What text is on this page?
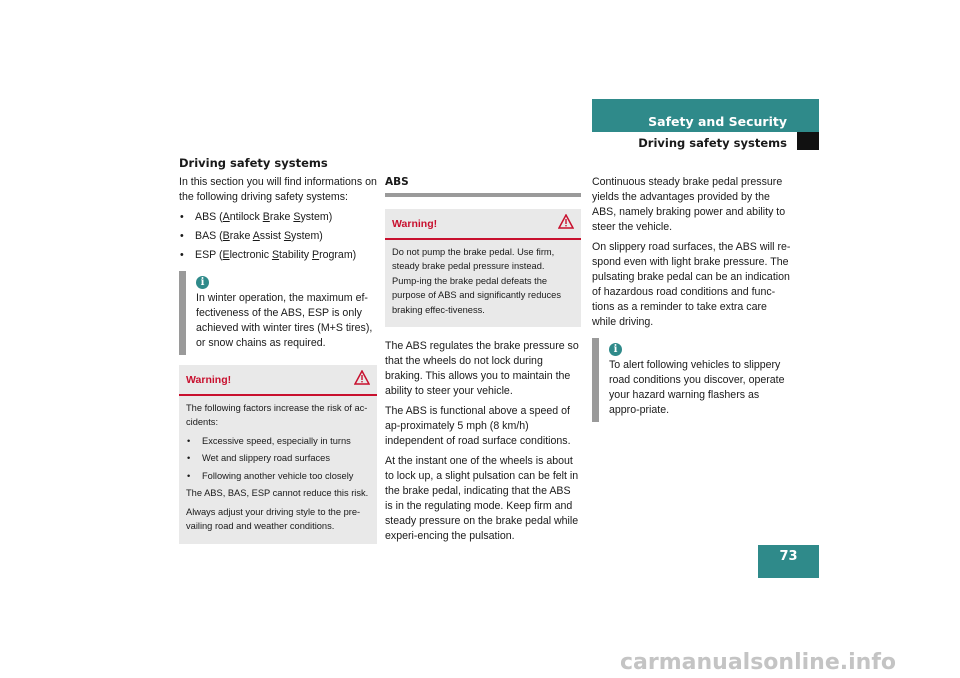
Safety and Security
Driving safety systems
Driving safety systems

In this section you will find informations on the following driving safety systems:

• ABS (Antilock Brake System)
• BAS (Brake Assist System)
• ESP (Electronic Stability Program)
i
In winter operation, the maximum ef-fectiveness of the ABS, ESP is only achieved with winter tires (M+S tires), or snow chains as required.
Warning!

The following factors increase the risk of ac-cidents:

• Excessive speed, especially in turns
• Wet and slippery road surfaces
• Following another vehicle too closely

The ABS, BAS, ESP cannot reduce this risk.

Always adjust your driving style to the pre-vailing road and weather conditions.

ABS
Warning!

Do not pump the brake pedal. Use firm, steady brake pedal pressure instead. Pump-ing the brake pedal defeats the purpose of ABS and significantly reduces braking effec-tiveness.

The ABS regulates the brake pressure so that the wheels do not lock during braking. This allows you to maintain the ability to steer your vehicle.

The ABS is functional above a speed of ap-proximately 5 mph (8 km/h) independent of road surface conditions.

At the instant one of the wheels is about to lock up, a slight pulsation can be felt in the brake pedal, indicating that the ABS is in the regulating mode. Keep firm and steady pressure on the brake pedal while experi-encing the pulsation.

Continuous steady brake pedal pressure yields the advantages provided by the ABS, namely braking power and ability to steer the vehicle.

On slippery road surfaces, the ABS will re-spond even with light brake pressure. The pulsating brake pedal can be an indication of hazardous road conditions and func-tions as a reminder to take extra care while driving.

i
To alert following vehicles to slippery road conditions you discover, operate your hazard warning flashers as appro-priate.
73
carmanualsonline.info
